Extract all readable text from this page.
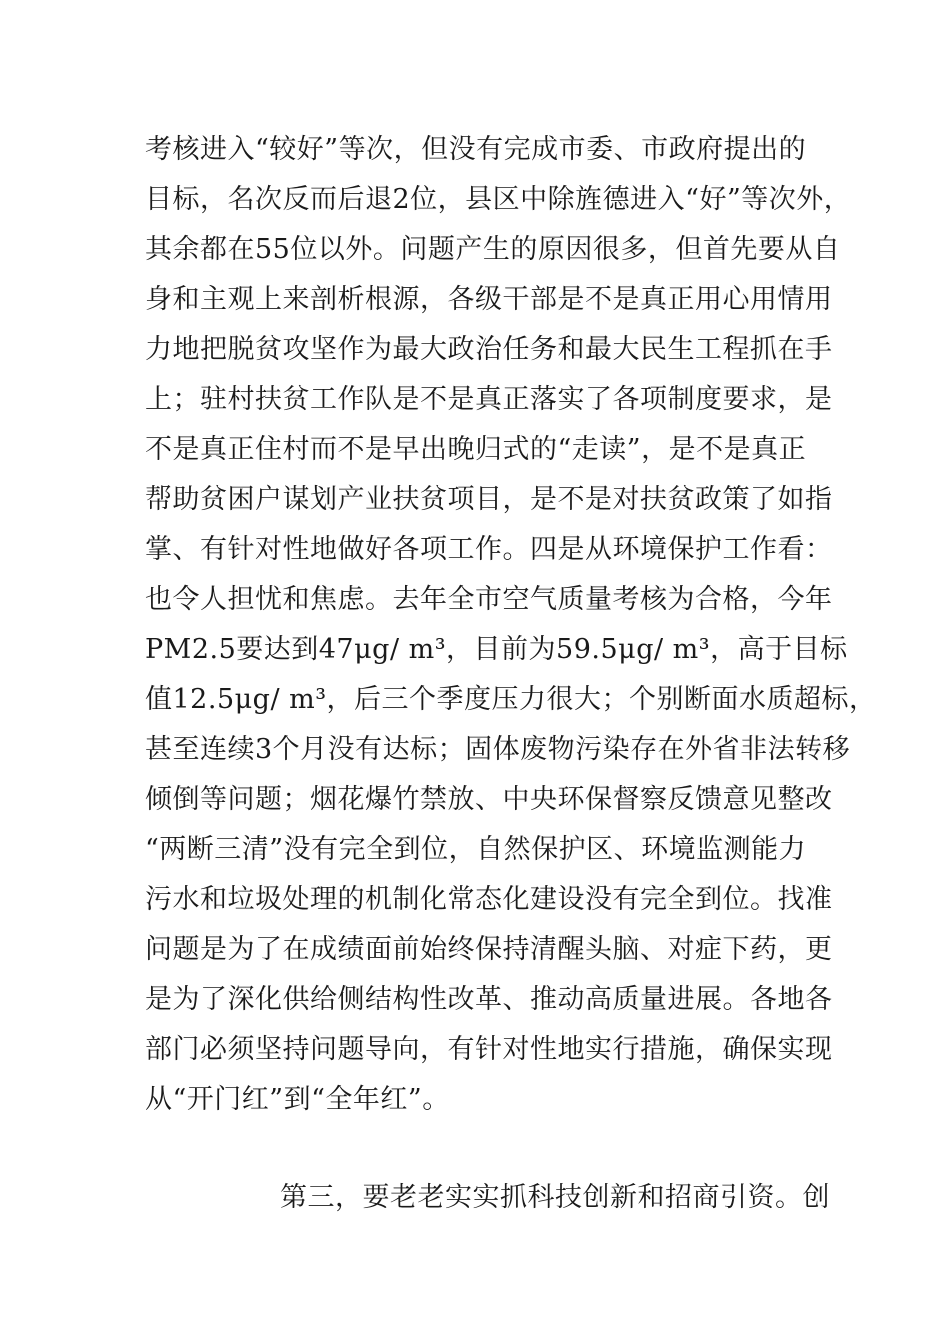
考核进入“较好”等次，但没有完成市委、市政府提出的
目标，名次反而后退2位，县区中除旌德进入“好”等次外，
其余都在55位以外。问题产生的原因很多，但首先要从自
身和主观上来剖析根源，各级干部是不是真正用心用情用
力地把脱贫攻坚作为最大政治任务和最大民生工程抓在手
上；驻村扶贫工作队是不是真正落实了各项制度要求，是
不是真正住村而不是早出晚归式的“走读”，是不是真正
帮助贫困户谋划产业扶贫项目，是不是对扶贫政策了如指
掌、有针对性地做好各项工作。四是从环境保护工作看：
也令人担忧和焦虑。去年全市空气质量考核为合格，今年
PM2.5要达到47μg/ m³，目前为59.5μg/ m³，高于目标
值12.5μg/ m³，后三个季度压力很大；个别断面水质超标，
甚至连续3个月没有达标；固体废物污染存在外省非法转移
倾倒等问题；烟花爆竹禁放、中央环保督察反馈意见整改
“两断三清”没有完全到位，自然保护区、环境监测能力
污水和垃圾处理的机制化常态化建设没有完全到位。找准
问题是为了在成绩面前始终保持清醒头脑、对症下药，更
是为了深化供给侧结构性改革、推动高质量进展。各地各
部门必须坚持问题导向，有针对性地实行措施，确保实现
从“开门红”到“全年红”。
第三，要老老实实抓科技创新和招商引资。创
